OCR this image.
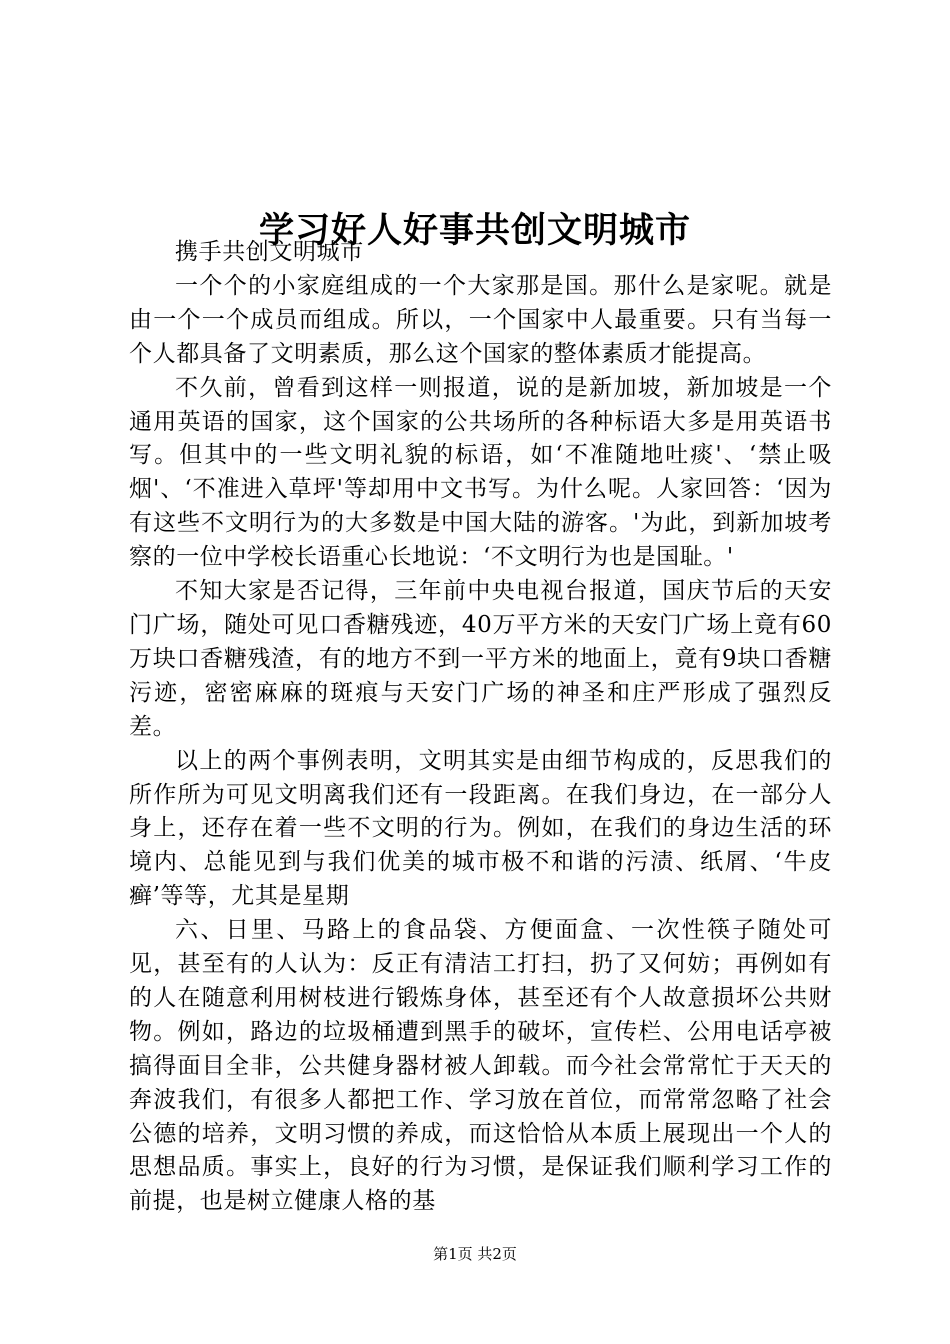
学习好人好事共创文明城市

携手共创文明城市

一个个的小家庭组成的一个大家那是国。那什么是家呢。就是由一个一个成员而组成。所以，一个国家中人最重要。只有当每一个人都具备了文明素质，那么这个国家的整体素质才能提高。

不久前，曾看到这样一则报道，说的是新加坡，新加坡是一个通用英语的国家，这个国家的公共场所的各种标语大多是用英语书写。但其中的一些文明礼貌的标语，如‘不准随地吐痰'、‘禁止吸烟'、‘不准进入草坪'等却用中文书写。为什么呢。人家回答：‘因为有这些不文明行为的大多数是中国大陆的游客。'为此，到新加坡考察的一位中学校长语重心长地说：‘不文明行为也是国耻。'

不知大家是否记得，三年前中央电视台报道，国庆节后的天安门广场，随处可见口香糖残迹，40万平方米的天安门广场上竟有60万块口香糖残渣，有的地方不到一平方米的地面上，竟有9块口香糖污迹，密密麻麻的斑痕与天安门广场的神圣和庄严形成了强烈反差。

以上的两个事例表明，文明其实是由细节构成的，反思我们的所作所为可见文明离我们还有一段距离。在我们身边，在一部分人身上，还存在着一些不文明的行为。例如，在我们的身边生活的环境内、总能见到与我们优美的城市极不和谐的污渍、纸屑、‘牛皮癣’等等，尤其是星期

六、日里、马路上的食品袋、方便面盒、一次性筷子随处可见，甚至有的人认为：反正有清洁工打扫，扔了又何妨；再例如有的人在随意利用树枝进行锻炼身体，甚至还有个人故意损坏公共财物。例如，路边的垃圾桶遭到黑手的破坏，宣传栏、公用电话亭被搞得面目全非，公共健身器材被人卸载。而今社会常常忙于天天的奔波我们，有很多人都把工作、学习放在首位，而常常忽略了社会公德的培养，文明习惯的养成，而这恰恰从本质上展现出一个人的思想品质。事实上，良好的行为习惯，是保证我们顺利学习工作的前提，也是树立健康人格的基

第1页 共2页
